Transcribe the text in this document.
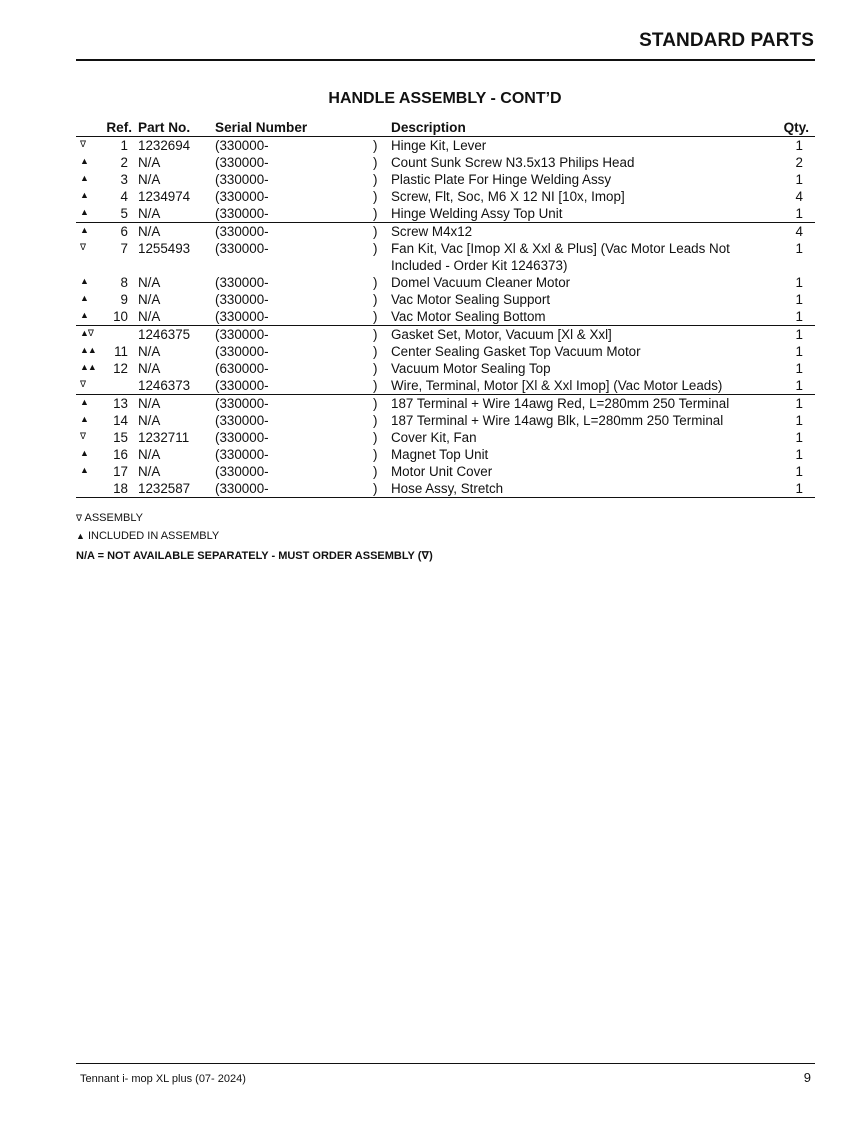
STANDARD PARTS
HANDLE ASSEMBLY - CONT’D
	Ref.	Part No.	Serial Number		Description	Qty.
∇	1	1232694	(330000-	)	Hinge Kit, Lever	1
▲	2	N/A	(330000-	)	Count Sunk Screw N3.5x13 Philips Head	2
▲	3	N/A	(330000-	)	Plastic Plate For Hinge Welding Assy	1
▲	4	1234974	(330000-	)	Screw, Flt, Soc, M6 X 12 NI [10x, Imop]	4
▲	5	N/A	(330000-	)	Hinge Welding Assy Top Unit	1
▲	6	N/A	(330000-	)	Screw M4x12	4
∇	7	1255493	(330000-	)	Fan Kit, Vac [Imop Xl & Xxl & Plus] (Vac Motor Leads Not Included - Order Kit 1246373)	1
▲	8	N/A	(330000-	)	Domel Vacuum Cleaner Motor	1
▲	9	N/A	(330000-	)	Vac Motor Sealing Support	1
▲	10	N/A	(330000-	)	Vac Motor Sealing Bottom	1
▲∇		1246375	(330000-	)	Gasket Set, Motor, Vacuum [Xl & Xxl]	1
▲▲	11	N/A	(330000-	)	Center Sealing Gasket Top Vacuum Motor	1
▲▲	12	N/A	(630000-	)	Vacuum Motor Sealing Top	1
∇		1246373	(330000-	)	Wire, Terminal, Motor [Xl & Xxl Imop] (Vac Motor Leads)	1
▲	13	N/A	(330000-	)	187 Terminal + Wire 14awg Red, L=280mm 250 Terminal	1
▲	14	N/A	(330000-	)	187 Terminal + Wire 14awg Blk, L=280mm 250 Terminal	1
∇	15	1232711	(330000-	)	Cover Kit, Fan	1
▲	16	N/A	(330000-	)	Magnet Top Unit	1
▲	17	N/A	(330000-	)	Motor Unit Cover	1
	18	1232587	(330000-	)	Hose Assy, Stretch	1
∇ ASSEMBLY
▲ INCLUDED IN ASSEMBLY
N/A = NOT AVAILABLE SEPARATELY - MUST ORDER ASSEMBLY (∇)
Tennant i- mop XL plus (07- 2024)	9
